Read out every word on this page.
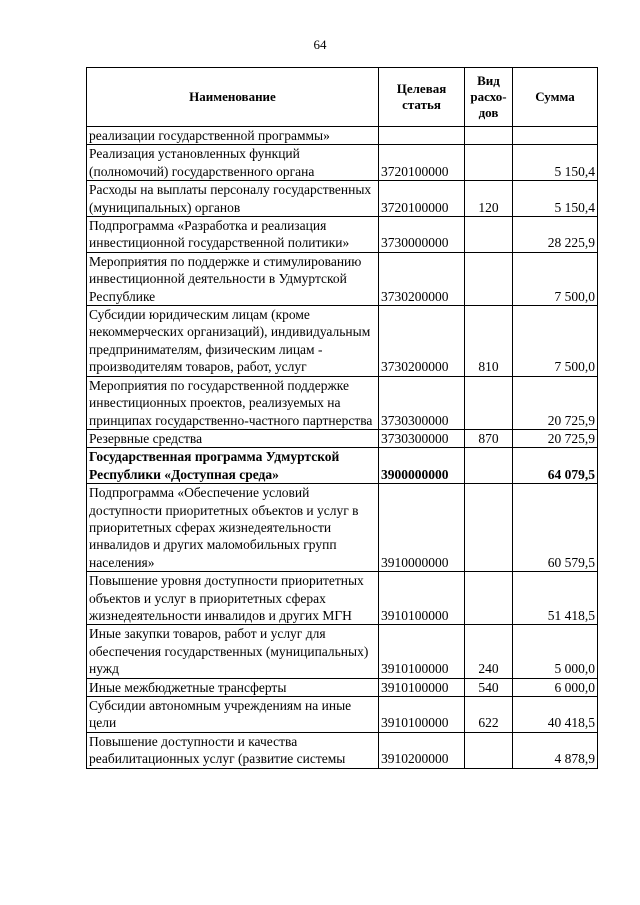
64
Наименование	Целевая статья	Вид расхо-дов	Сумма
реализации государственной программы»			
Реализация установленных функций (полномочий) государственного органа	3720100000		5 150,4
Расходы на выплаты персоналу государственных (муниципальных) органов	3720100000	120	5 150,4
Подпрограмма «Разработка и реализация инвестиционной государственной политики»	3730000000		28 225,9
Мероприятия по поддержке и стимулированию инвестиционной деятельности в Удмуртской Республике	3730200000		7 500,0
Субсидии юридическим лицам (кроме некоммерческих организаций), индивидуальным предпринимателям, физическим лицам - производителям товаров, работ, услуг	3730200000	810	7 500,0
Мероприятия по государственной поддержке инвестиционных проектов, реализуемых на принципах государственно-частного партнерства	3730300000		20 725,9
Резервные средства	3730300000	870	20 725,9
Государственная программа Удмуртской Республики «Доступная среда»	3900000000		64 079,5
Подпрограмма «Обеспечение условий доступности приоритетных объектов и услуг в приоритетных сферах жизнедеятельности инвалидов и других маломобильных групп населения»	3910000000		60 579,5
Повышение уровня доступности приоритетных объектов и услуг в приоритетных сферах жизнедеятельности инвалидов и других МГН	3910100000		51 418,5
Иные закупки товаров, работ и услуг для обеспечения государственных (муниципальных) нужд	3910100000	240	5 000,0
Иные межбюджетные трансферты	3910100000	540	6 000,0
Субсидии автономным учреждениям на иные цели	3910100000	622	40 418,5
Повышение доступности и качества реабилитационных услуг (развитие системы	3910200000		4 878,9
